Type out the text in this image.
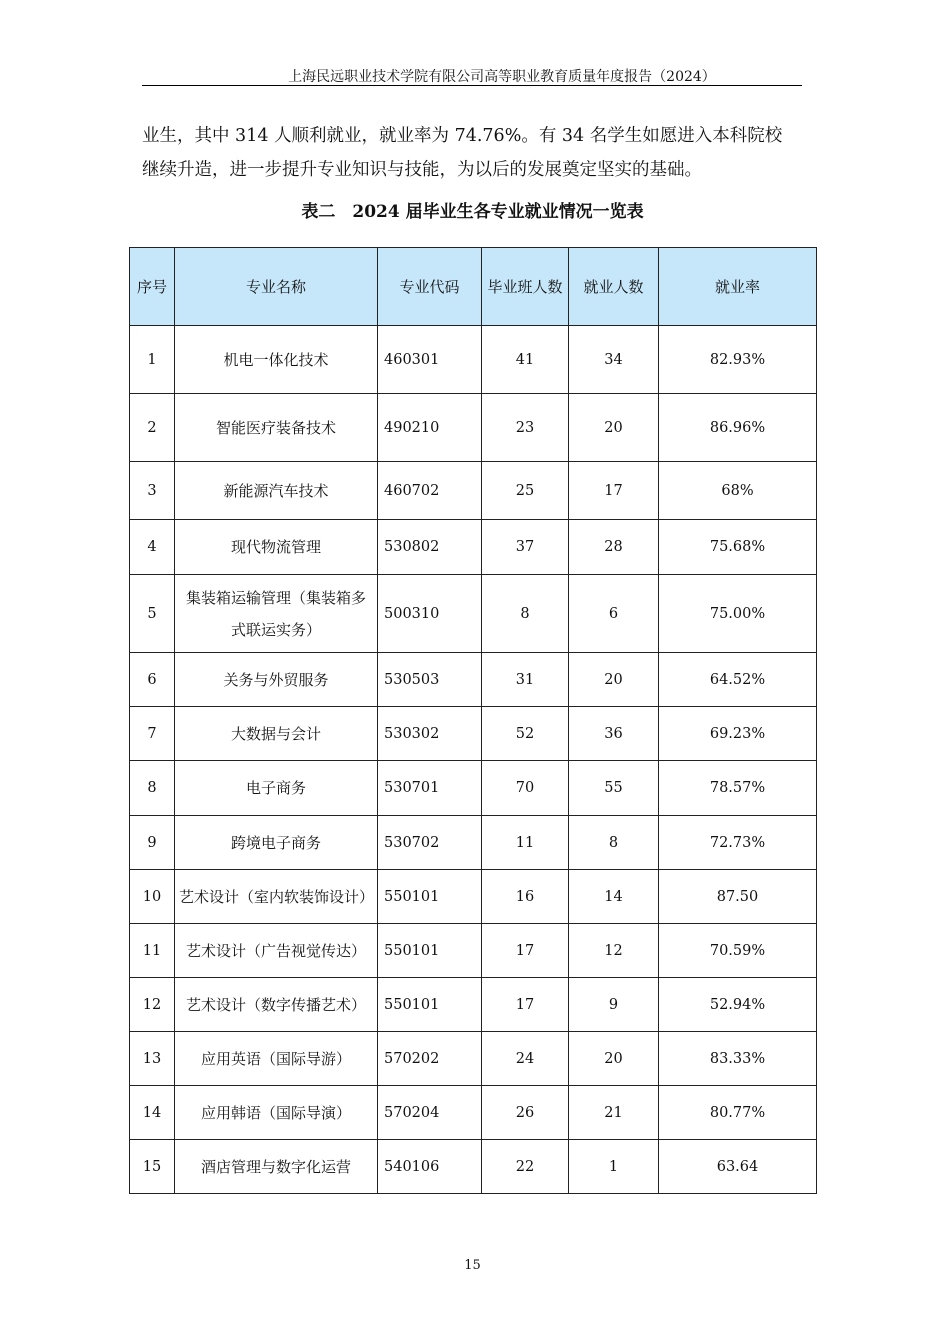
上海民远职业技术学院有限公司高等职业教育质量年度报告（2024）
业生，其中 314 人顺利就业，就业率为 74.76%。有 34 名学生如愿进入本科院校
继续升造，进一步提升专业知识与技能，为以后的发展奠定坚实的基础。
表二　2024 届毕业生各专业就业情况一览表
序号	专业名称	专业代码	毕业班人数	就业人数	就业率
1	机电一体化技术	460301	41	34	82.93%
2	智能医疗装备技术	490210	23	20	86.96%
3	新能源汽车技术	460702	25	17	68%
4	现代物流管理	530802	37	28	75.68%
5	集装箱运输管理（集装箱多式联运实务）	500310	8	6	75.00%
6	关务与外贸服务	530503	31	20	64.52%
7	大数据与会计	530302	52	36	69.23%
8	电子商务	530701	70	55	78.57%
9	跨境电子商务	530702	11	8	72.73%
10	艺术设计（室内软装饰设计）	550101	16	14	87.50
11	艺术设计（广告视觉传达）	550101	17	12	70.59%
12	艺术设计（数字传播艺术）	550101	17	9	52.94%
13	应用英语（国际导游）	570202	24	20	83.33%
14	应用韩语（国际导演）	570204	26	21	80.77%
15	酒店管理与数字化运营	540106	22	1	63.64
15
